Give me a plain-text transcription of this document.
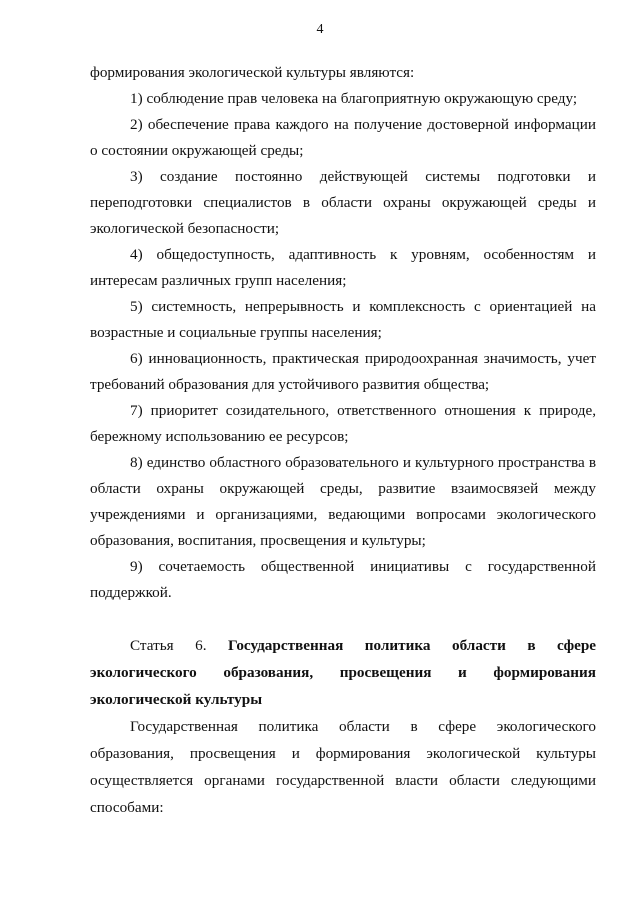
4

формирования экологической культуры являются:

1) соблюдение прав человека на благоприятную окружающую среду;

2) обеспечение права каждого на получение достоверной информации о состоянии окружающей среды;

3) создание постоянно действующей системы подготовки и переподготовки специалистов в области охраны окружающей среды и экологической безопасности;

4) общедоступность, адаптивность к уровням, особенностям и интересам различных групп населения;

5) системность, непрерывность и комплексность с ориентацией на возрастные и социальные группы населения;

6) инновационность, практическая природоохранная значимость, учет требований образования для устойчивого развития общества;

7) приоритет созидательного, ответственного отношения к природе, бережному использованию ее ресурсов;

8) единство областного образовательного и культурного пространства в области охраны окружающей среды, развитие взаимосвязей между учреждениями и организациями, ведающими вопросами экологического образования, воспитания, просвещения и культуры;

9) сочетаемость общественной инициативы с государственной поддержкой.

Статья 6. Государственная политика области в сфере экологического образования, просвещения и формирования экологической культуры

Государственная политика области в сфере экологического образования, просвещения и формирования экологической культуры осуществляется органами государственной власти области следующими способами:
